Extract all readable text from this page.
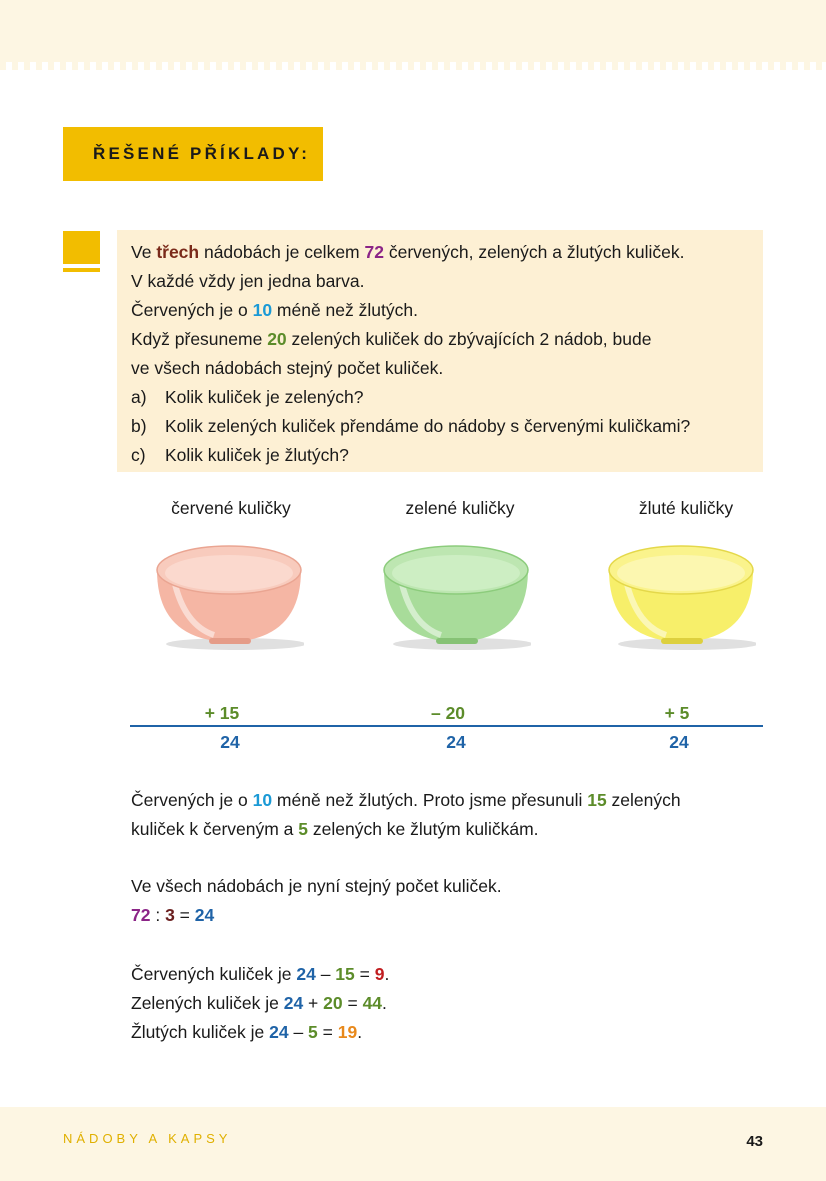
ŘEŠENÉ PŘÍKLADY:
Ve třech nádobách je celkem 72 červených, zelených a žlutých kuliček.
V každé vždy jen jedna barva.
Červených je o 10 méně než žlutých.
Když přesuneme 20 zelených kuliček do zbývajících 2 nádob, bude
ve všech nádobách stejný počet kuliček.
a)	Kolik kuliček je zelených?
b)	Kolik zelených kuliček přendáme do nádoby s červenými kuličkami?
c)	Kolik kuliček je žlutých?
červené kuličky	zelené kuličky	žluté kuličky
+ 15	– 20	+ 5
24	24	24
Červených je o 10 méně než žlutých. Proto jsme přesunuli 15 zelených
kuliček k červeným a 5 zelených ke žlutým kuličkám.
Ve všech nádobách je nyní stejný počet kuliček.
72 : 3 = 24
Červených kuliček je 24 – 15 = 9.
Zelených kuliček je 24 + 20 = 44.
Žlutých kuliček je 24 – 5 = 19.
NÁDOBY A KAPSY	43
